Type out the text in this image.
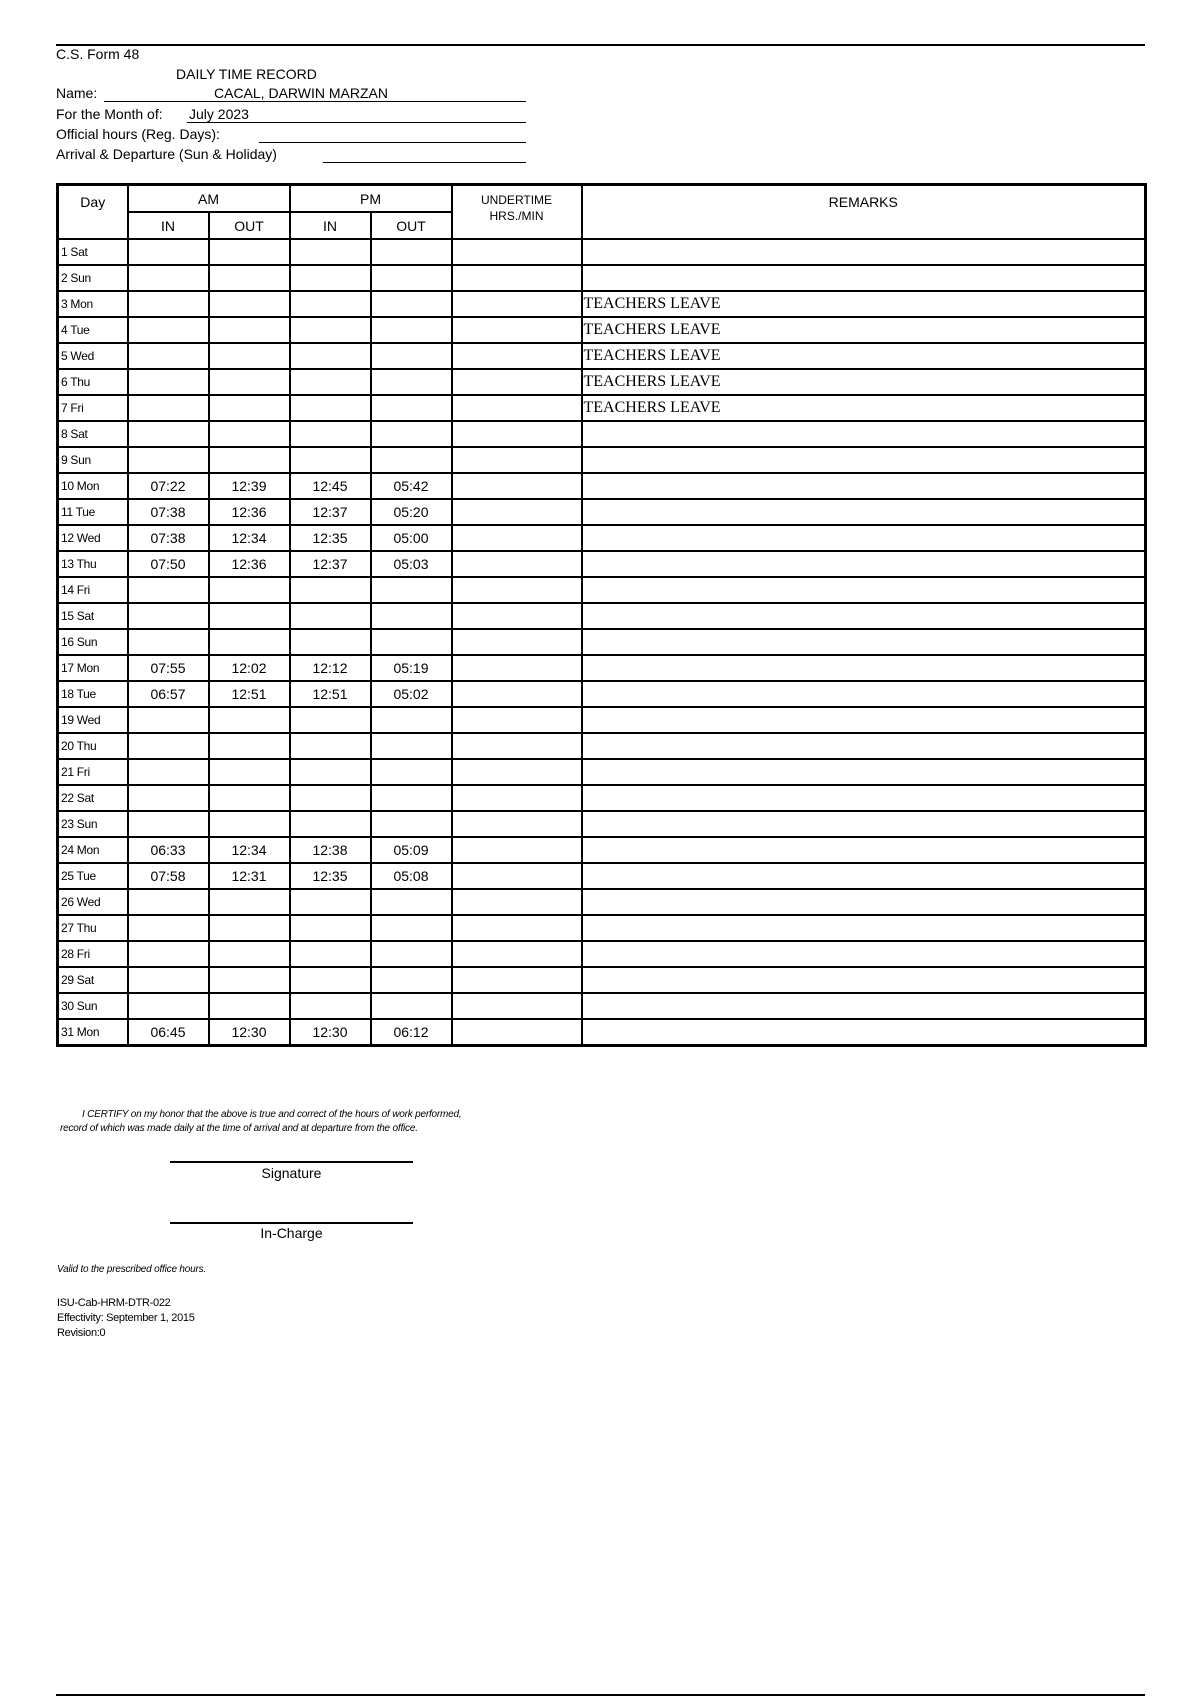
C.S. Form 48
DAILY TIME RECORD
Name:	CACAL, DARWIN MARZAN
For the Month of: July 2023
Official hours (Reg. Days):
Arrival & Departure (Sun & Holiday)
Day	AM		PM		UNDERTIME
HRS./MIN	REMARKS
	IN	OUT	IN	OUT		
1 Sat						
2 Sun						
3 Mon						TEACHERS LEAVE
4 Tue						TEACHERS LEAVE
5 Wed						TEACHERS LEAVE
6 Thu						TEACHERS LEAVE
7 Fri						TEACHERS LEAVE
8 Sat						
9 Sun						
10 Mon	07:22	12:39	12:45	05:42		
11 Tue	07:38	12:36	12:37	05:20		
12 Wed	07:38	12:34	12:35	05:00		
13 Thu	07:50	12:36	12:37	05:03		
14 Fri						
15 Sat						
16 Sun						
17 Mon	07:55	12:02	12:12	05:19		
18 Tue	06:57	12:51	12:51	05:02		
19 Wed						
20 Thu						
21 Fri						
22 Sat						
23 Sun						
24 Mon	06:33	12:34	12:38	05:09		
25 Tue	07:58	12:31	12:35	05:08		
26 Wed						
27 Thu						
28 Fri						
29 Sat						
30 Sun						
31 Mon	06:45	12:30	12:30	06:12		
I CERTIFY on my honor that the above is true and correct of the hours of work performed,
record of which was made daily at the time of arrival and at departure from the office.
Signature
In-Charge
Valid to the prescribed office hours.
ISU-Cab-HRM-DTR-022
Effectivity: September 1, 2015
Revision:0
